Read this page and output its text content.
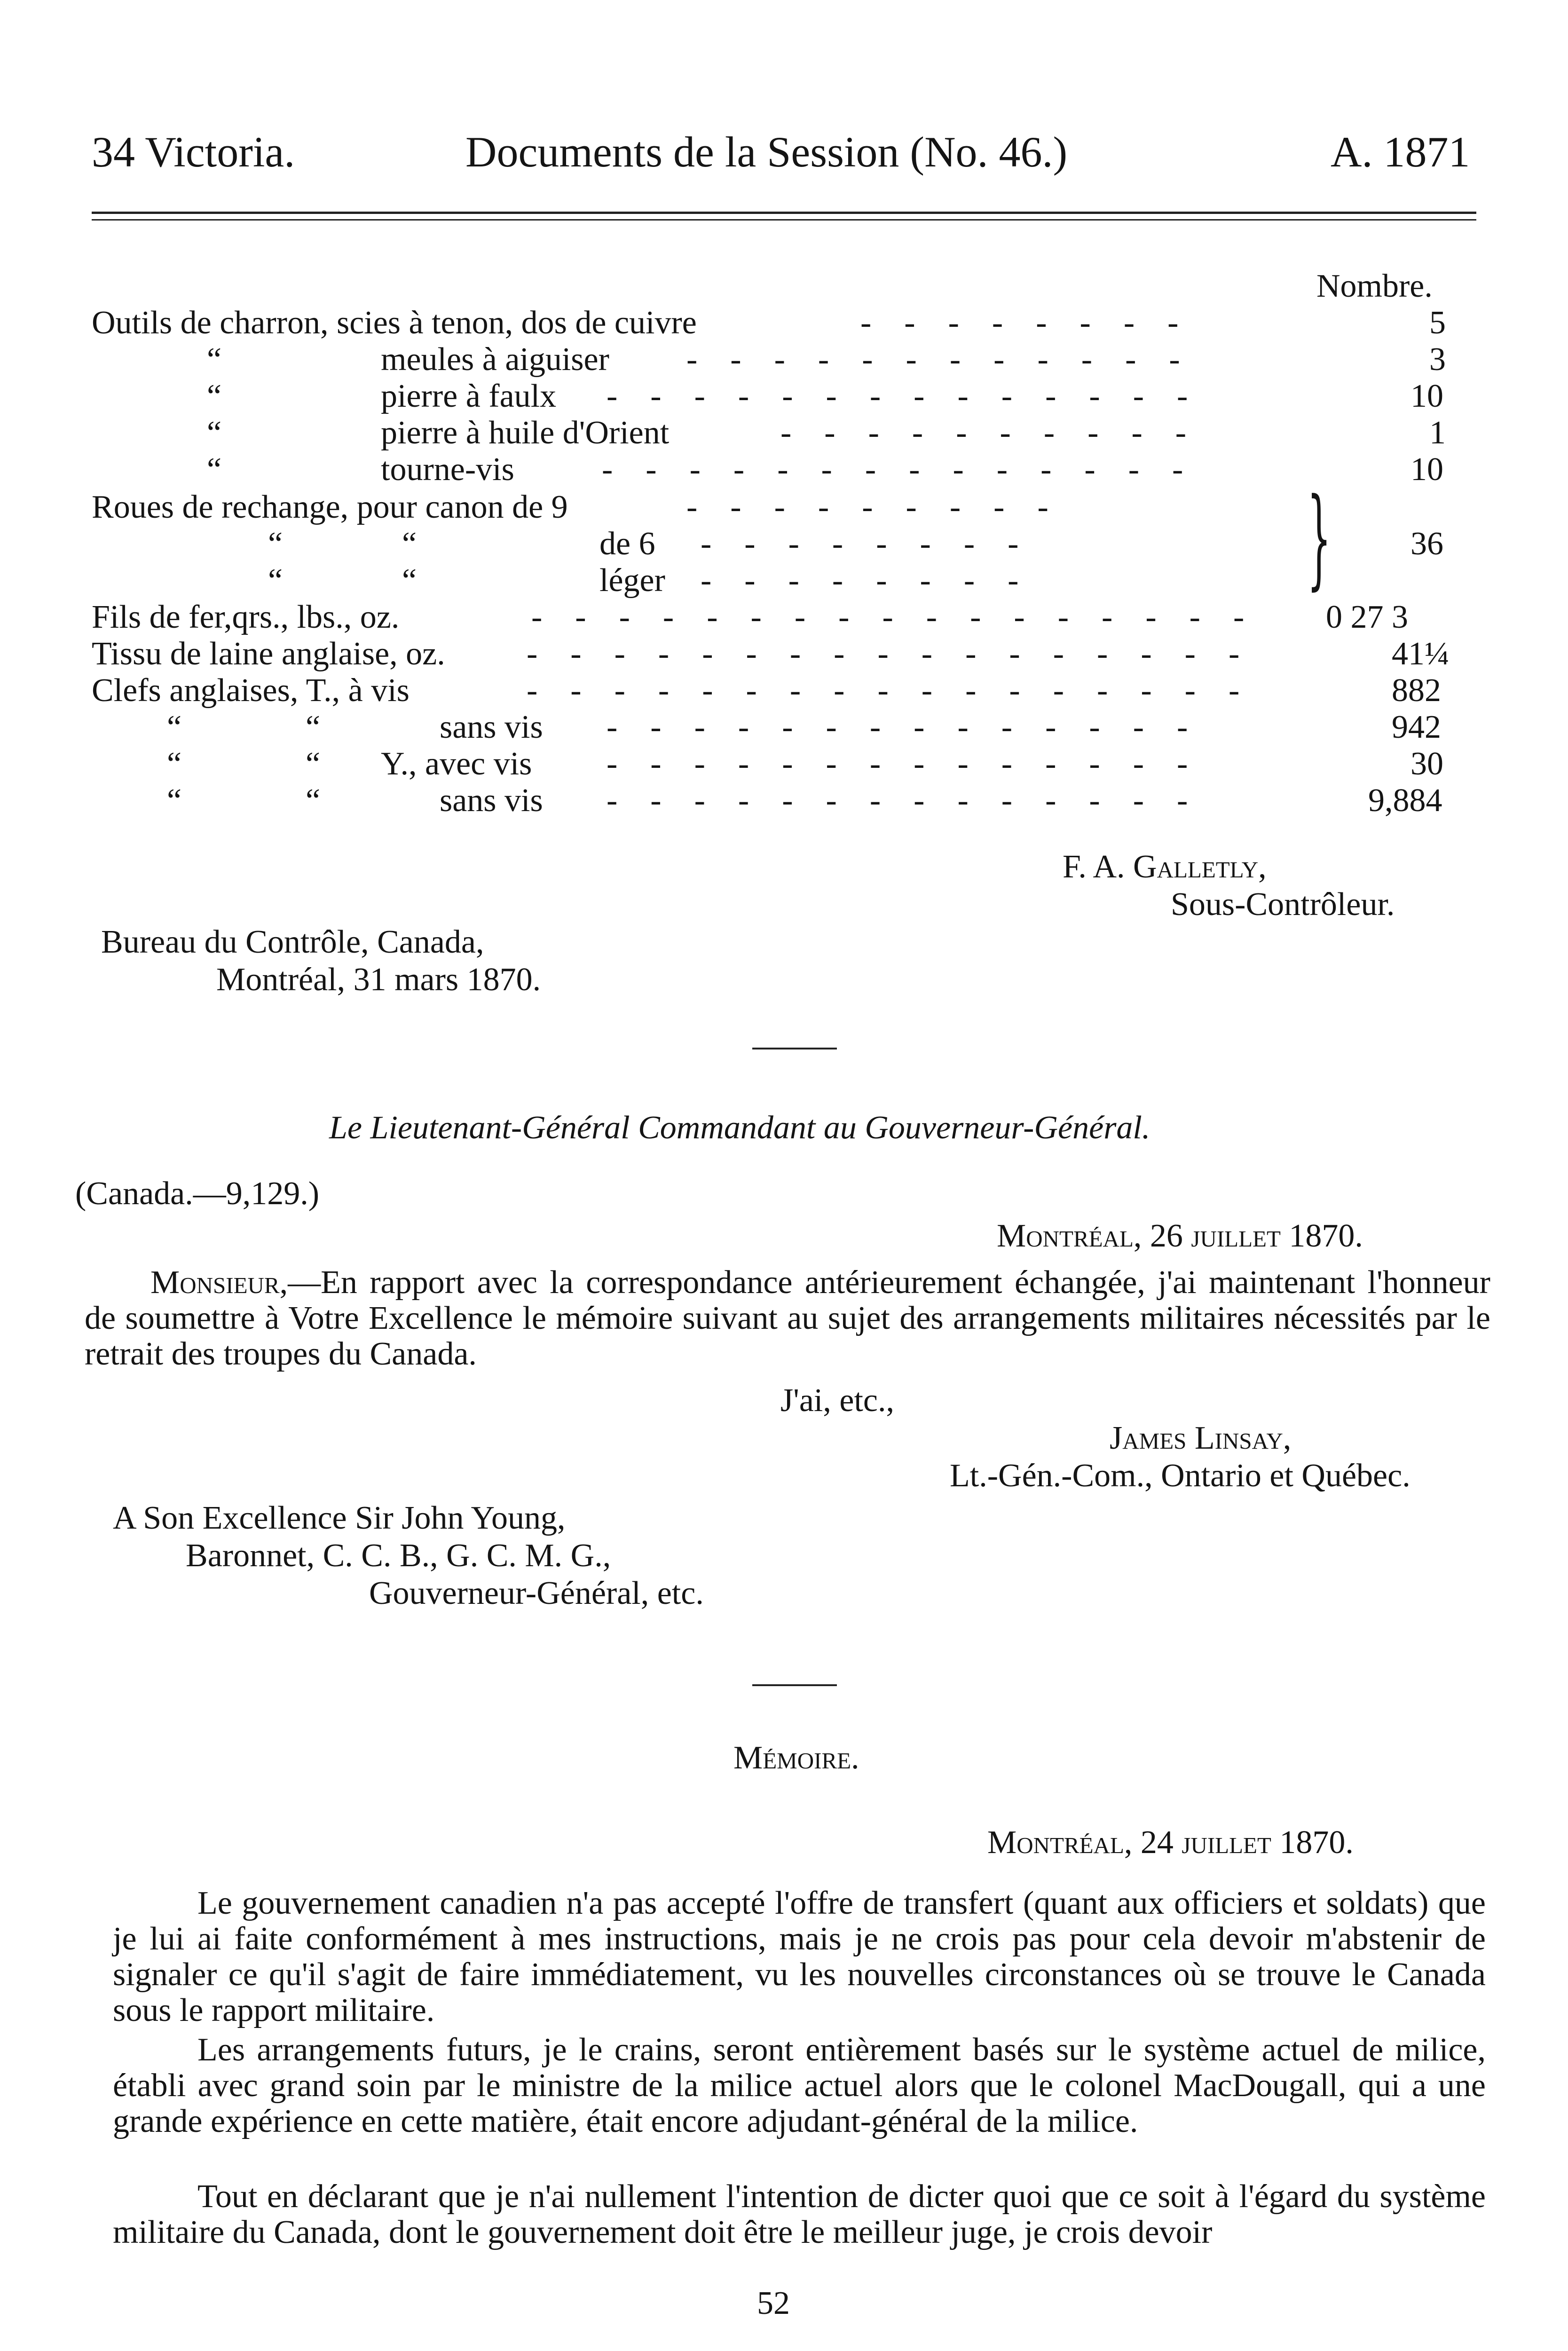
34 Victoria.	Documents de la Session (No. 46.)	A. 1871
Nombre.
Outils de charron, scies à tenon, dos de cuivre	-    -    -    -    -    -    -    -	5
“	meules à aiguiser -    -    -    -    -    -    -    -    -    -    -    -	3
“	pierre à faulx -    -    -    -    -    -    -    -    -    -    -    -    -    -	10
“	pierre à huile d'Orient	-    -    -    -    -    -    -    -    -    -	1
“	tourne-vis	-    -    -    -    -    -    -    -    -    -    -    -    -    -	10
Roues de rechange, pour canon de 9	-    -    -    -    -    -    -    -    -
“	“	de 6 -    -    -    -    -    -    -    -	36
“	“	léger -    -    -    -    -    -    -    -	}
Fils de fer,qrs., lbs., oz.	-    -    -    -    -    -    -    -    -    -    -    -    -    -    -    -    - 0 27 3
Tissu de laine anglaise, oz. -    -    -    -    -    -    -    -    -    -    -    -    -    -    -    -    -	41¼
Clefs anglaises, T., à vis	-    -    -    -    -    -    -    -    -    -    -    -    -    -    -    -    -	882
“	“	sans vis -    -    -    -    -    -    -    -    -    -    -    -    -    -	942
“	“ Y., avec vis -    -    -    -    -    -    -    -    -    -    -    -    -    -	30
“	“	sans vis -    -    -    -    -    -    -    -    -    -    -    -    -    -	9,884
F. A. Galletly,
Sous-Contrôleur.
Bureau du Contrôle, Canada,
Montréal, 31 mars 1870.
Le Lieutenant-Général Commandant au Gouverneur-Général.
(Canada.—9,129.)
Montréal, 26 juillet 1870.
Monsieur,—En rapport avec la correspondance antérieurement échangée, j'ai maintenant l'honneur de soumettre à Votre Excellence le mémoire suivant au sujet des arrangements militaires nécessités par le retrait des troupes du Canada.
J'ai, etc.,
James Linsay,
Lt.-Gén.-Com., Ontario et Québec.
A Son Excellence Sir John Young,
Baronnet, C. C. B., G. C. M. G.,
Gouverneur-Général, etc.
Mémoire.
Montréal, 24 juillet 1870.
Le gouvernement canadien n'a pas accepté l'offre de transfert (quant aux officiers et soldats) que je lui ai faite conformément à mes instructions, mais je ne crois pas pour cela devoir m'abstenir de signaler ce qu'il s'agit de faire immédiatement, vu les nouvelles circonstances où se trouve le Canada sous le rapport militaire.
Les arrangements futurs, je le crains, seront entièrement basés sur le système actuel de milice, établi avec grand soin par le ministre de la milice actuel alors que le colonel MacDougall, qui a une grande expérience en cette matière, était encore adjudant-général de la milice.
Tout en déclarant que je n'ai nullement l'intention de dicter quoi que ce soit à l'égard du système militaire du Canada, dont le gouvernement doit être le meilleur juge, je crois devoir
52
